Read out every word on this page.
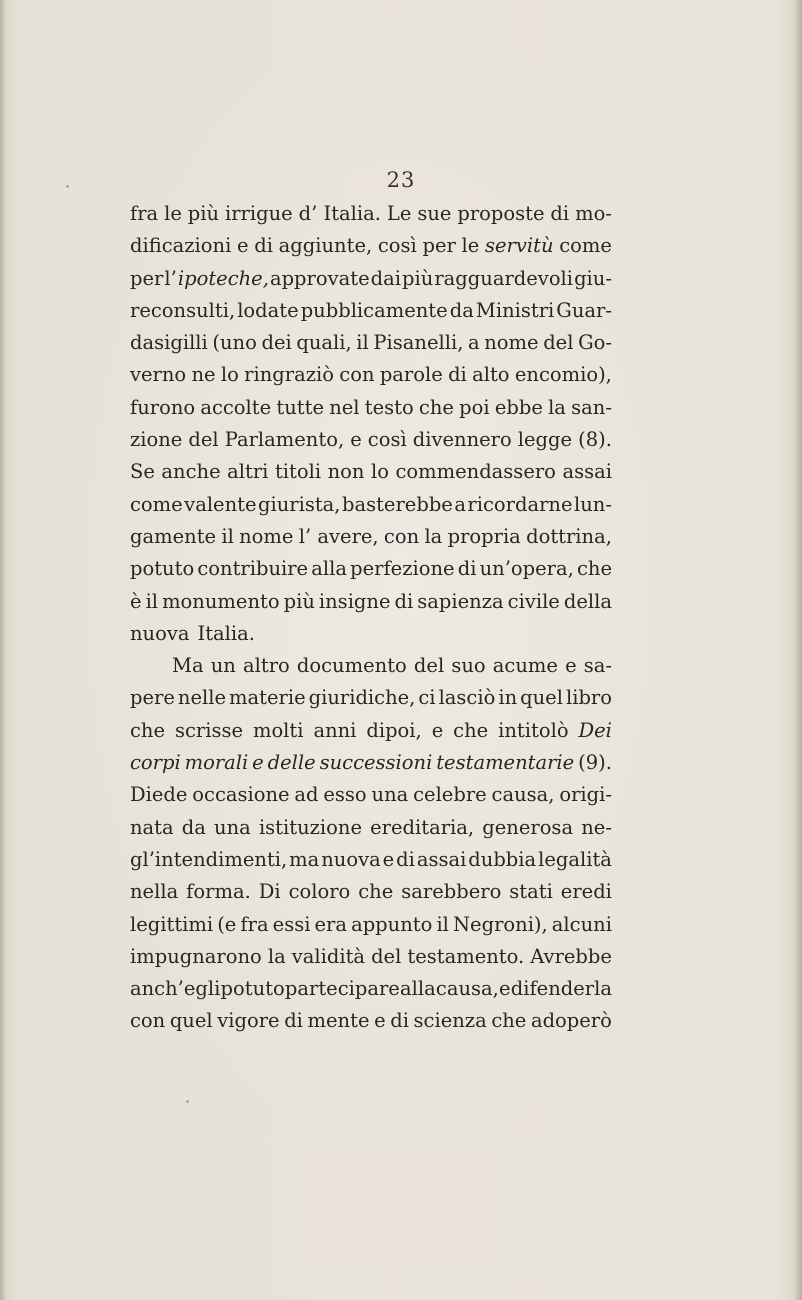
23
fra le più irrigue d’ Italia. Le sue proposte di mo-
dificazioni e di aggiunte, così per le servitù come
per l’ ipoteche, approvate dai più ragguardevoli giu-
reconsulti, lodate pubblicamente da Ministri Guar-
dasigilli (uno dei quali, il Pisanelli, a nome del Go-
verno ne lo ringraziò con parole di alto encomio),
furono accolte tutte nel testo che poi ebbe la san-
zione del Parlamento, e così divennero legge (8).
Se anche altri titoli non lo commendassero assai
come valente giurista, basterebbe a ricordarne lun-
gamente il nome l’ avere, con la propria dottrina,
potuto contribuire alla perfezione di un’opera, che
è il monumento più insigne di sapienza civile della
nuova Italia.
Ma un altro documento del suo acume e sa-
pere nelle materie giuridiche, ci lasciò in quel libro
che scrisse molti anni dipoi, e che intitolò Dei
corpi morali e delle successioni testamentarie (9).
Diede occasione ad esso una celebre causa, origi-
nata da una istituzione ereditaria, generosa ne-
gl’intendimenti, ma nuova e di assai dubbia legalità
nella forma. Di coloro che sarebbero stati eredi
legittimi (e fra essi era appunto il Negroni), alcuni
impugnarono la validità del testamento. Avrebbe
anch’egli potuto partecipare alla causa, e difenderla
con quel vigore di mente e di scienza che adoperò
